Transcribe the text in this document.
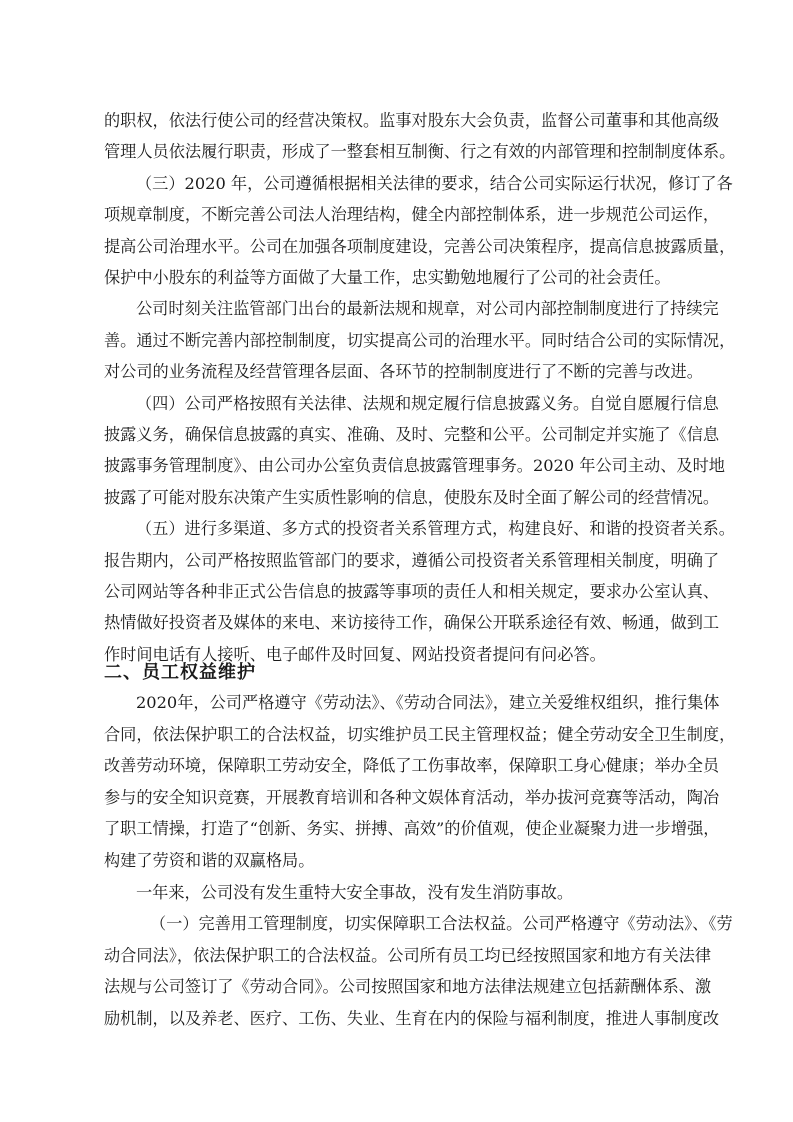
的职权，依法行使公司的经营决策权。监事对股东大会负责，监督公司董事和其他高级
管理人员依法履行职责，形成了一整套相互制衡、行之有效的内部管理和控制制度体系。
（三）2020 年，公司遵循根据相关法律的要求，结合公司实际运行状况，修订了各
项规章制度，不断完善公司法人治理结构，健全内部控制体系，进一步规范公司运作，
提高公司治理水平。公司在加强各项制度建设，完善公司决策程序，提高信息披露质量，
保护中小股东的利益等方面做了大量工作，忠实勤勉地履行了公司的社会责任。
公司时刻关注监管部门出台的最新法规和规章，对公司内部控制制度进行了持续完
善。通过不断完善内部控制制度，切实提高公司的治理水平。同时结合公司的实际情况，
对公司的业务流程及经营管理各层面、各环节的控制制度进行了不断的完善与改进。
（四）公司严格按照有关法律、法规和规定履行信息披露义务。自觉自愿履行信息
披露义务，确保信息披露的真实、准确、及时、完整和公平。公司制定并实施了《信息
披露事务管理制度》、由公司办公室负责信息披露管理事务。2020 年公司主动、及时地
披露了可能对股东决策产生实质性影响的信息，使股东及时全面了解公司的经营情况。
（五）进行多渠道、多方式的投资者关系管理方式，构建良好、和谐的投资者关系。
报告期内，公司严格按照监管部门的要求，遵循公司投资者关系管理相关制度，明确了
公司网站等各种非正式公告信息的披露等事项的责任人和相关规定，要求办公室认真、
热情做好投资者及媒体的来电、来访接待工作，确保公开联系途径有效、畅通，做到工
作时间电话有人接听、电子邮件及时回复、网站投资者提问有问必答。
二、员工权益维护
2020年，公司严格遵守《劳动法》、《劳动合同法》，建立关爱维权组织，推行集体
合同，依法保护职工的合法权益，切实维护员工民主管理权益；健全劳动安全卫生制度，
改善劳动环境，保障职工劳动安全，降低了工伤事故率，保障职工身心健康；举办全员
参与的安全知识竞赛，开展教育培训和各种文娱体育活动，举办拔河竞赛等活动，陶冶
了职工情操，打造了“创新、务实、拼搏、高效”的价值观，使企业凝聚力进一步增强，
构建了劳资和谐的双赢格局。
一年来，公司没有发生重特大安全事故，没有发生消防事故。
（一）完善用工管理制度，切实保障职工合法权益。公司严格遵守《劳动法》、《劳
动合同法》，依法保护职工的合法权益。公司所有员工均已经按照国家和地方有关法律
法规与公司签订了《劳动合同》。公司按照国家和地方法律法规建立包括薪酬体系、激
励机制，以及养老、医疗、工伤、失业、生育在内的保险与福利制度，推进人事制度改
